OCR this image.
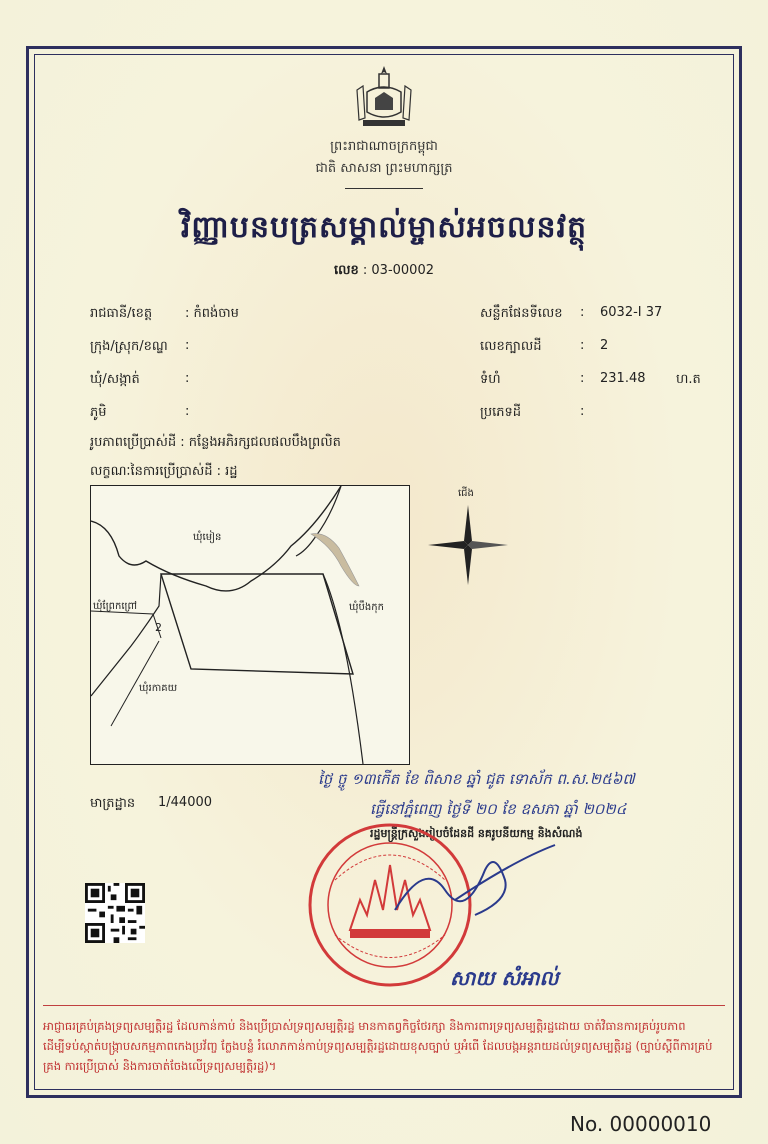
ព្រះរាជាណាចក្រកម្ពុជា
ជាតិ សាសនា ព្រះមហាក្សត្រ
វិញ្ញាបនបត្រសម្គាល់ម្ចាស់អចលនវត្ថុ
លេខ : 03-00002
រាជធានី/ខេត្ត	: កំពង់ចាម
ក្រុង/ស្រុក/ខណ្ឌ :
ឃុំ/សង្កាត់	:
ភូមិ	:
សន្លឹកផែនទីលេខ : 6032-I 37
លេខក្បាលដី	: 2
ទំហំ	: 231.48 ហ.ត
ប្រភេទដី	:
រូបភាពប្រើប្រាស់ដី : កន្លែងអភិរក្សជលផលបឹងព្រលិត
លក្ខណៈនៃការប្រើប្រាស់ដី : រដ្ឋ
ឃុំមៀន
ឃុំព្រែកព្រៅ
ឃុំរកាគយ
ឃុំបឹងកុក
2
ជើង
មាត្រដ្ឋាន 1/44000
ថ្ងៃ ច្ចូ ១៣កើត ខែ ពិសាខ ឆ្នាំ ជូត ទោស័ក ព.ស.២៥៦៧
ធ្វើនៅភ្នំពេញ ថ្ងៃទី ២០ ខែ ឧសភា ឆ្នាំ ២០២៤
រដ្ឋមន្ត្រីក្រសួងរៀបចំដែនដី នគរូបនីយកម្ម និងសំណង់
សាយ សំអាល់
អាជ្ញាធរគ្រប់គ្រងទ្រព្យសម្បត្តិរដ្ឋ ដែលកាន់កាប់ និងប្រើប្រាស់ទ្រព្យសម្បត្តិរដ្ឋ មានកាតព្វកិច្ចថែរក្សា និងការពារទ្រព្យសម្បត្តិរដ្ឋដោយ ចាត់វិធានការគ្រប់រូបភាព ដើម្បីទប់ស្កាត់បង្ក្រាបសកម្មភាពកេងប្រវ័ញ្ច ក្លែងបន្លំ រំលោភកាន់កាប់ទ្រព្យសម្បត្តិរដ្ឋដោយខុសច្បាប់ ឬអំពើ ដែលបង្កអន្តរាយដល់ទ្រព្យសម្បត្តិរដ្ឋ (ច្បាប់ស្តីពីការគ្រប់គ្រង ការប្រើប្រាស់ និងការចាត់ចែងលើទ្រព្យសម្បត្តិរដ្ឋ)។
No. 00000010
